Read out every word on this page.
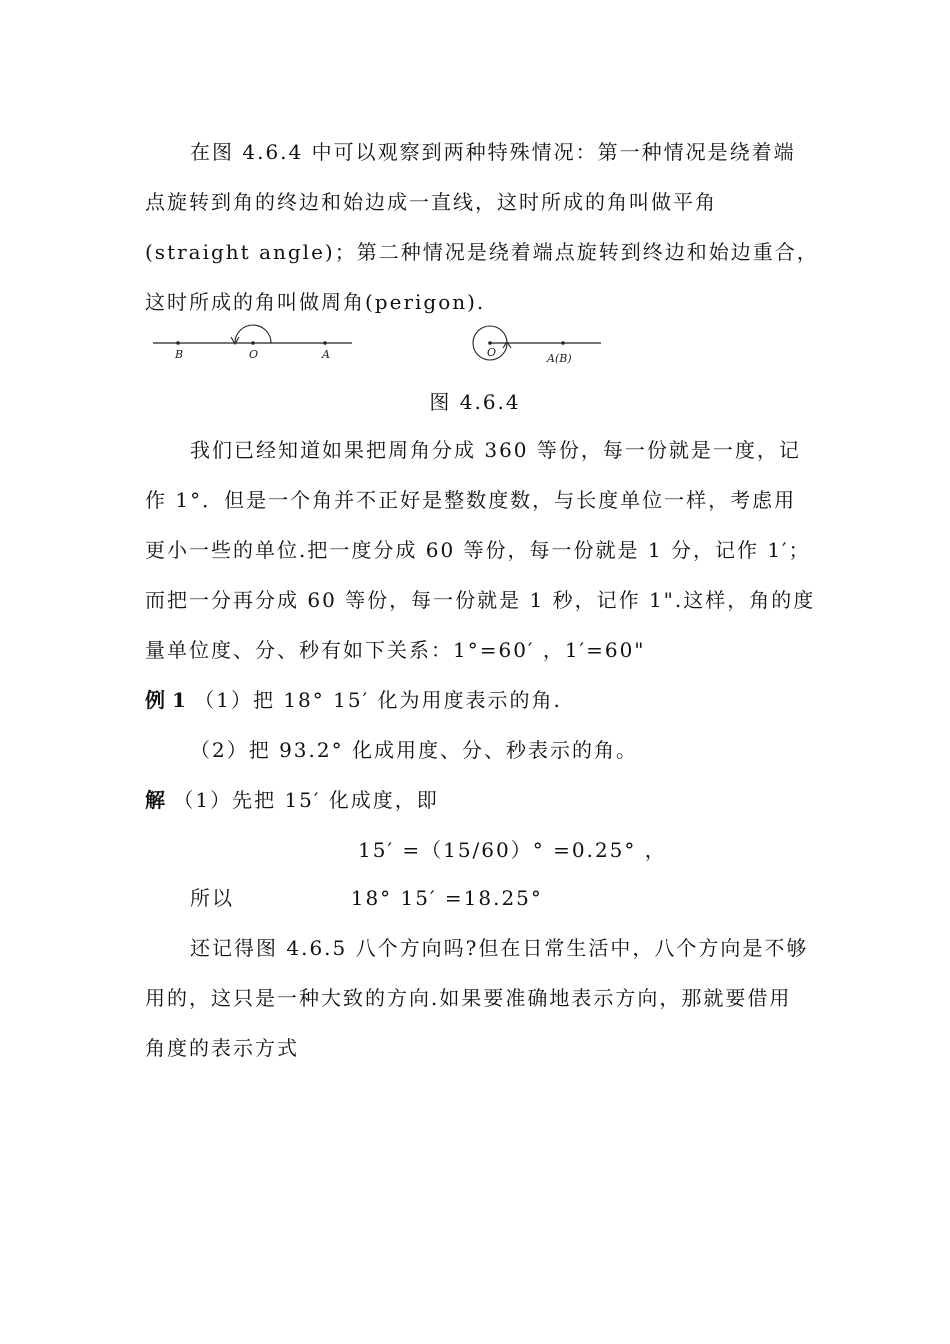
在图 4.6.4 中可以观察到两种特殊情况：第一种情况是绕着端
点旋转到角的终边和始边成一直线，这时所成的角叫做平角
(straight angle)；第二种情况是绕着端点旋转到终边和始边重合，
这时所成的角叫做周角(perigon).
B	O	A	O	A(B)
图 4.6.4
我们已经知道如果把周角分成 360 等份，每一份就是一度，记
作 1°．但是一个角并不正好是整数度数，与长度单位一样，考虑用
更小一些的单位.把一度分成 60 等份，每一份就是 1 分，记作 1′；
而把一分再分成 60 等份，每一份就是 1 秒，记作 1".这样，角的度
量单位度、分、秒有如下关系：1°=60′ ，1′=60"
例 1 （1）把 18° 15′ 化为用度表示的角.
（2）把 93.2° 化成用度、分、秒表示的角。
解 （1）先把 15′ 化成度，即
15′ =（15/60）° =0.25° ，
所以	18° 15′ =18.25°
还记得图 4.6.5 八个方向吗?但在日常生活中，八个方向是不够
用的，这只是一种大致的方向.如果要准确地表示方向，那就要借用
角度的表示方式
